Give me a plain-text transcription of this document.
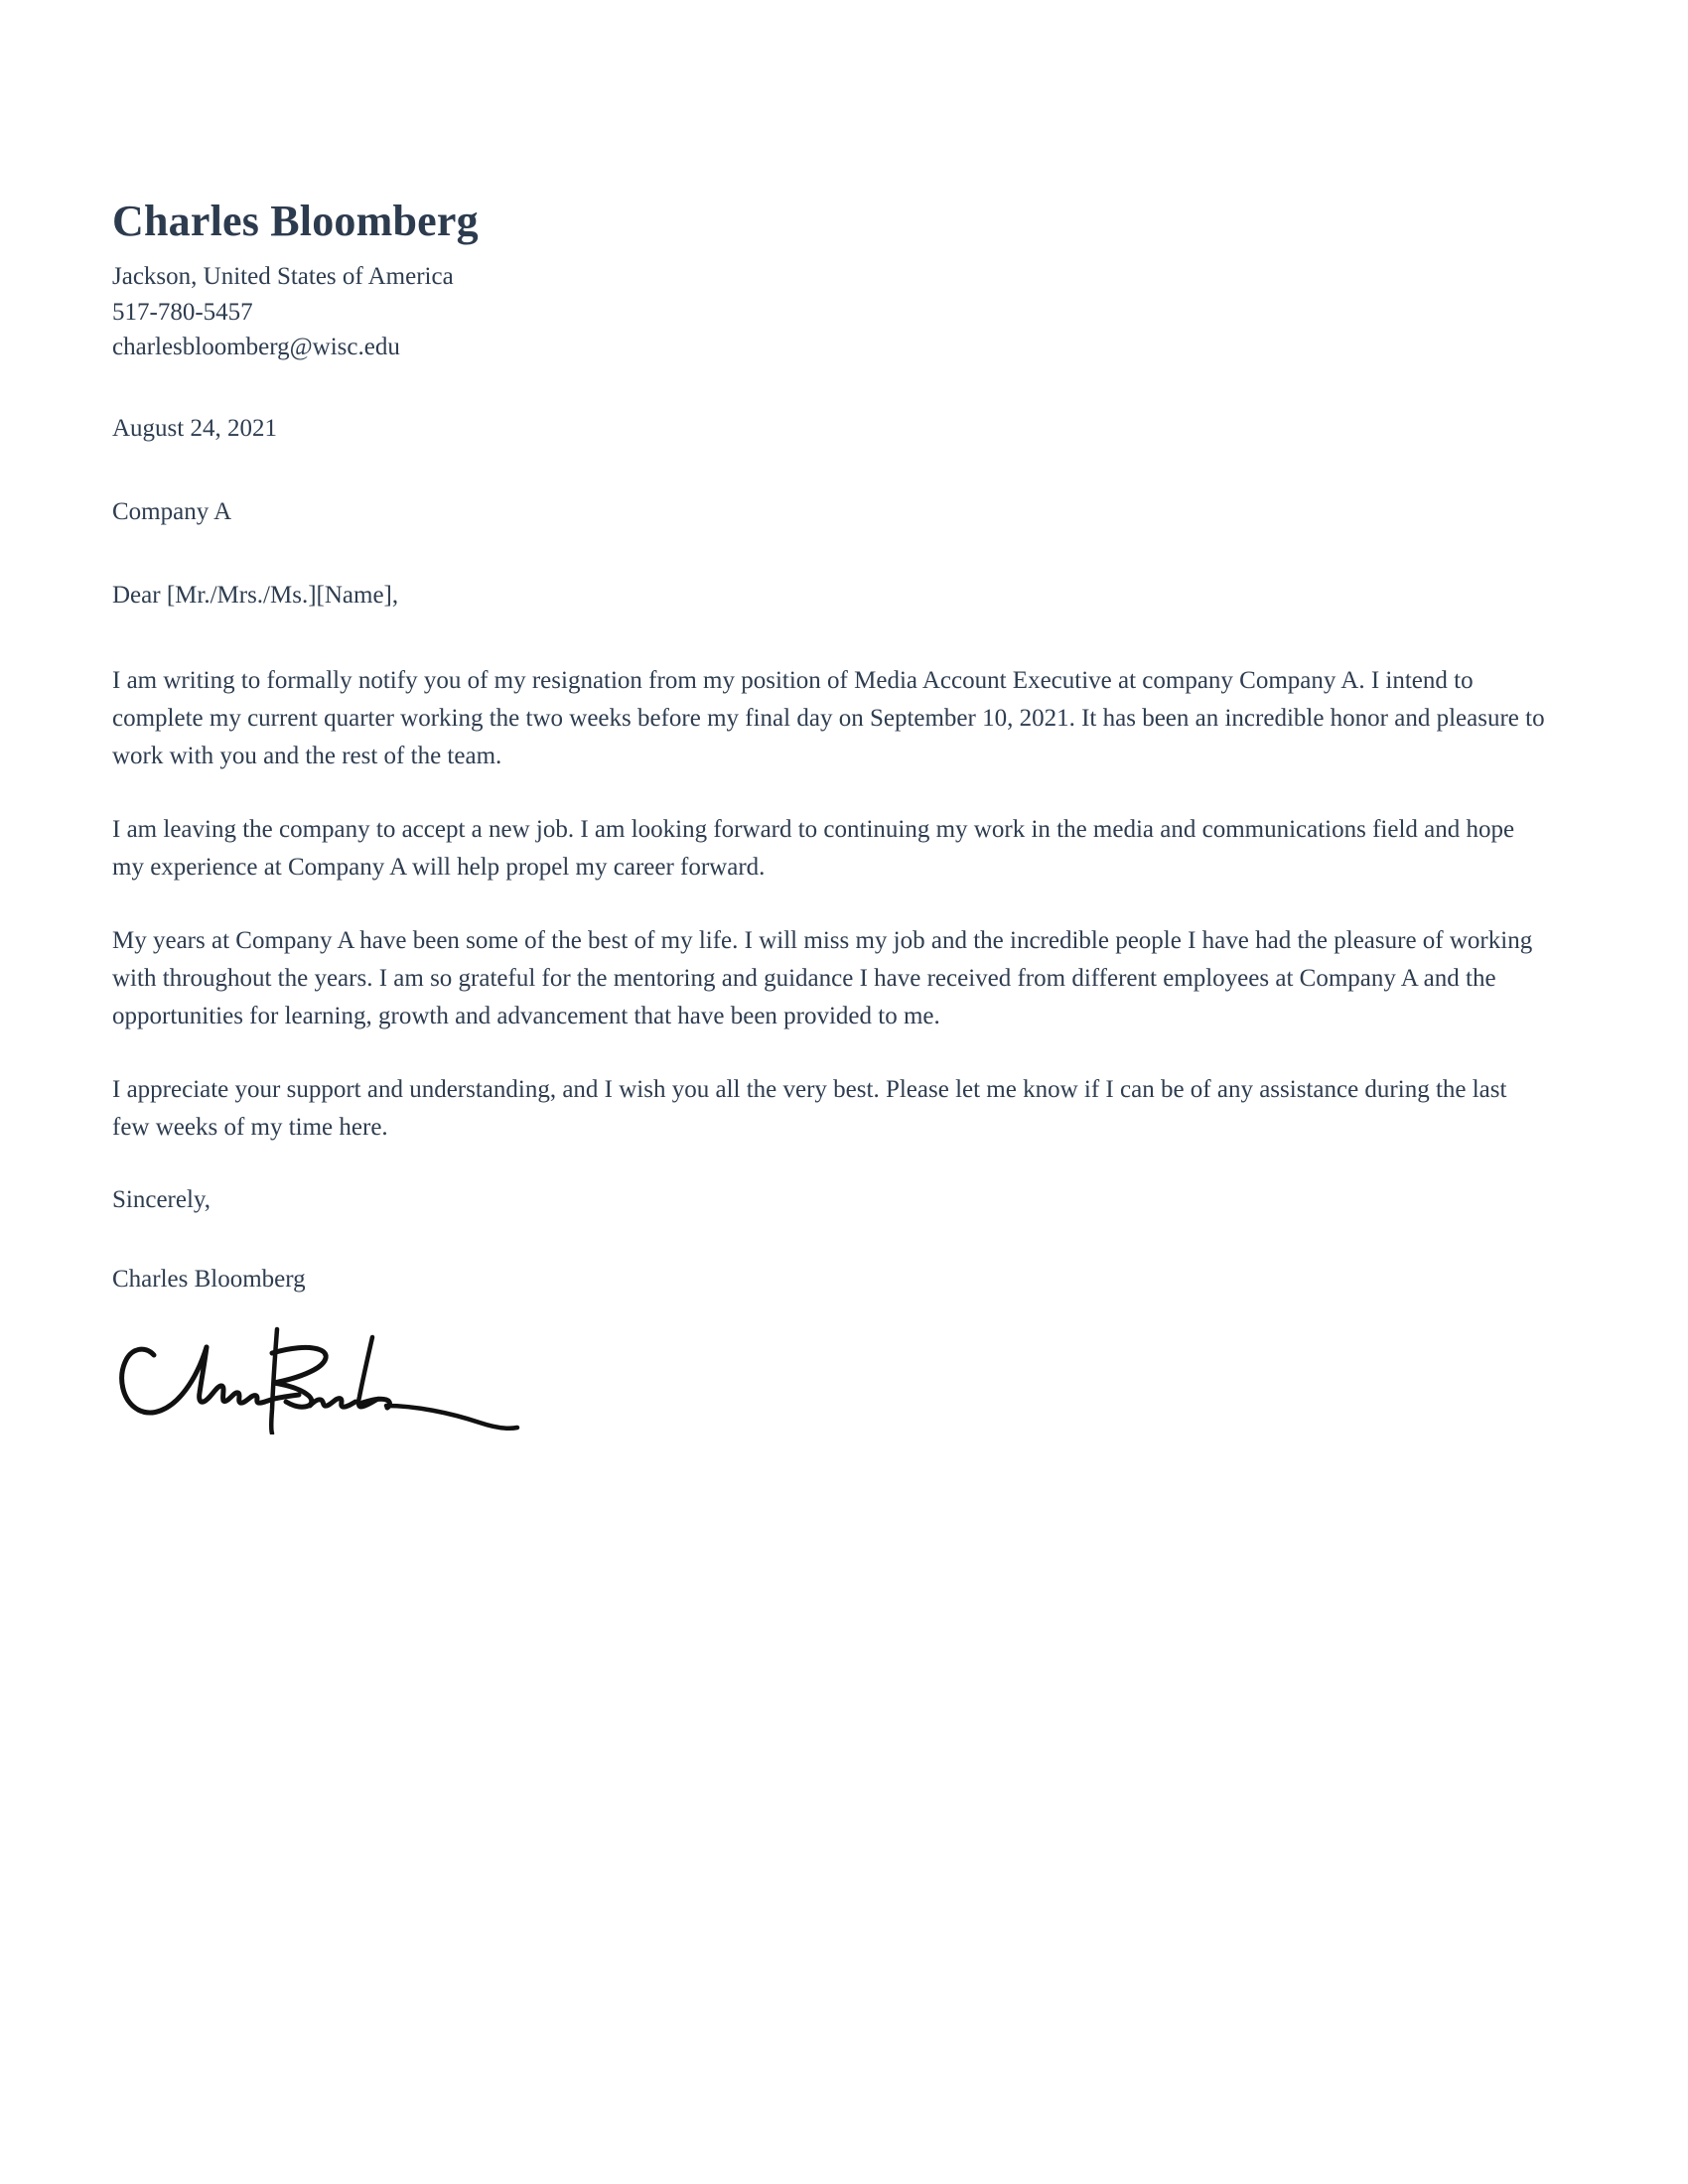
Charles Bloomberg
Jackson, United States of America
517-780-5457
charlesbloomberg@wisc.edu
August 24, 2021
Company A
Dear [Mr./Mrs./Ms.][Name],

I am writing to formally notify you of my resignation from my position of Media Account Executive at company Company A. I intend to complete my current quarter working the two weeks before my final day on September 10, 2021. It has been an incredible honor and pleasure to work with you and the rest of the team.

I am leaving the company to accept a new job. I am looking forward to continuing my work in the media and communications field and hope my experience at Company A will help propel my career forward.

My years at Company A have been some of the best of my life. I will miss my job and the incredible people I have had the pleasure of working with throughout the years. I am so grateful for the mentoring and guidance I have received from different employees at Company A and the opportunities for learning, growth and advancement that have been provided to me.

I appreciate your support and understanding, and I wish you all the very best. Please let me know if I can be of any assistance during the last few weeks of my time here.

Sincerely,
Charles Bloomberg
